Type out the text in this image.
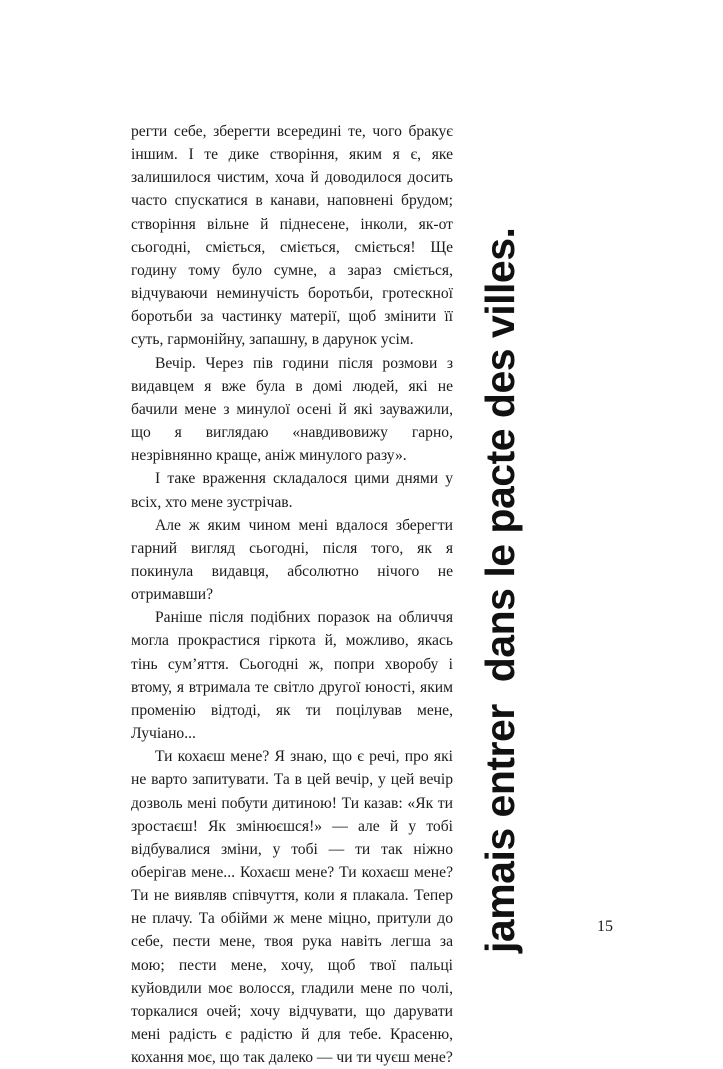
регти себе, зберегти всередині те, чого бракує іншим. І те дике створіння, яким я є, яке залишилося чистим, хоча й доводилося досить часто спускатися в канави, наповнені брудом; створіння вільне й піднесене, інколи, як-от сьогодні, сміється, сміється, сміється! Ще годину тому було сумне, а зараз сміється, відчуваючи неминучість боротьби, гротескної боротьби за частинку матерії, щоб змінити її суть, гармонійну, запашну, в дарунок усім.

Вечір. Через пів години після розмови з видавцем я вже була в домі людей, які не бачили мене з минулої осені й які зауважили, що я виглядаю «навдивовижу гарно, незрівнянно краще, аніж минулого разу».

І таке враження складалося цими днями у всіх, хто мене зустрічав.

Але ж яким чином мені вдалося зберегти гарний вигляд сьогодні, після того, як я покинула видавця, абсолютно нічого не отримавши?

Раніше після подібних поразок на обличчя могла прокрастися гіркота й, можливо, якась тінь сум’яття. Сьогодні ж, попри хворобу і втому, я втримала те світло другої юності, яким променію відтоді, як ти поцілував мене, Лучіано...

Ти кохаєш мене? Я знаю, що є речі, про які не варто запитувати. Та в цей вечір, у цей вечір дозволь мені побути дитиною! Ти казав: «Як ти зростаєш! Як змінюєшся!» — але й у тобі відбувалися зміни, у тобі — ти так ніжно оберігав мене... Кохаєш мене? Ти кохаєш мене? Ти не виявляв співчуття, коли я плакала. Тепер не плачу. Та обійми ж мене міцно, притули до себе, пести мене, твоя рука навіть легша за мою; пести мене, хочу, щоб твої пальці куйовдили моє волосся, гладили мене по чолі, торкалися очей; хочу відчувати, що дарувати мені радість є радістю й для тебе. Красеню, кохання моє, що так далеко — чи ти чуєш мене?

jamais entrerdans le pacte des villes.
15
